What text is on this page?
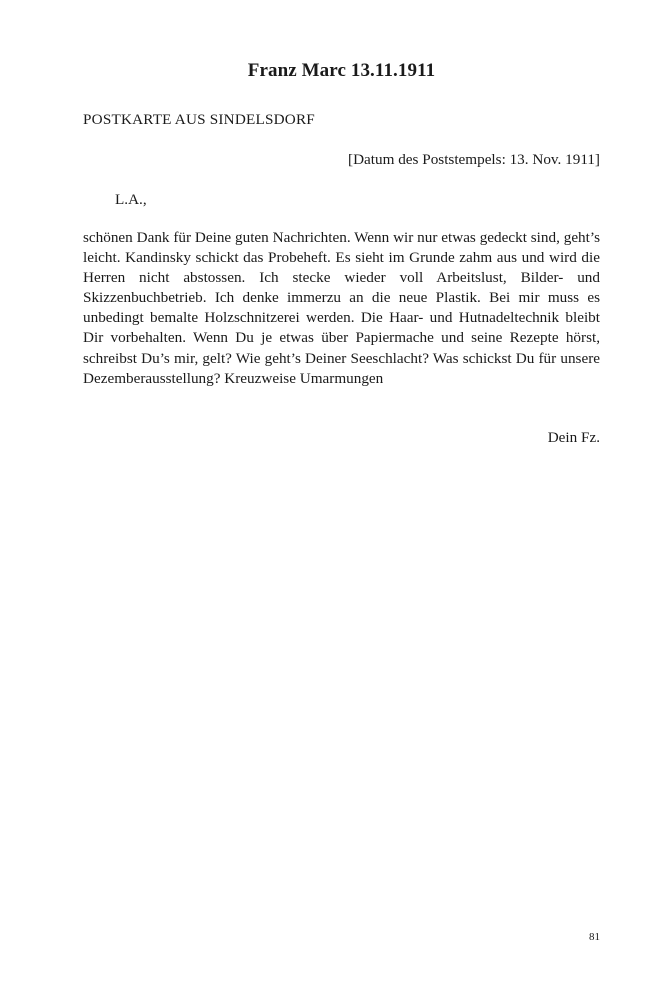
Franz Marc 13.11.1911
POSTKARTE AUS SINDELSDORF
[Datum des Poststempels: 13. Nov. 1911]
L.A.,
schönen Dank für Deine guten Nachrichten. Wenn wir nur etwas gedeckt sind, geht’s leicht. Kandinsky schickt das Probeheft. Es sieht im Grunde zahm aus und wird die Herren nicht abstossen. Ich stecke wieder voll Arbeitslust, Bilder- und Skizzenbuchbetrieb. Ich denke immerzu an die neue Plastik. Bei mir muss es unbedingt bemalte Holzschnitzerei werden. Die Haar- und Hutnadeltechnik bleibt Dir vorbehalten. Wenn Du je etwas über Papiermache und seine Rezepte hörst, schreibst Du’s mir, gelt? Wie geht’s Deiner Seeschlacht? Was schickst Du für unsere Dezemberausstellung? Kreuzweise Umarmungen
Dein Fz.
81
